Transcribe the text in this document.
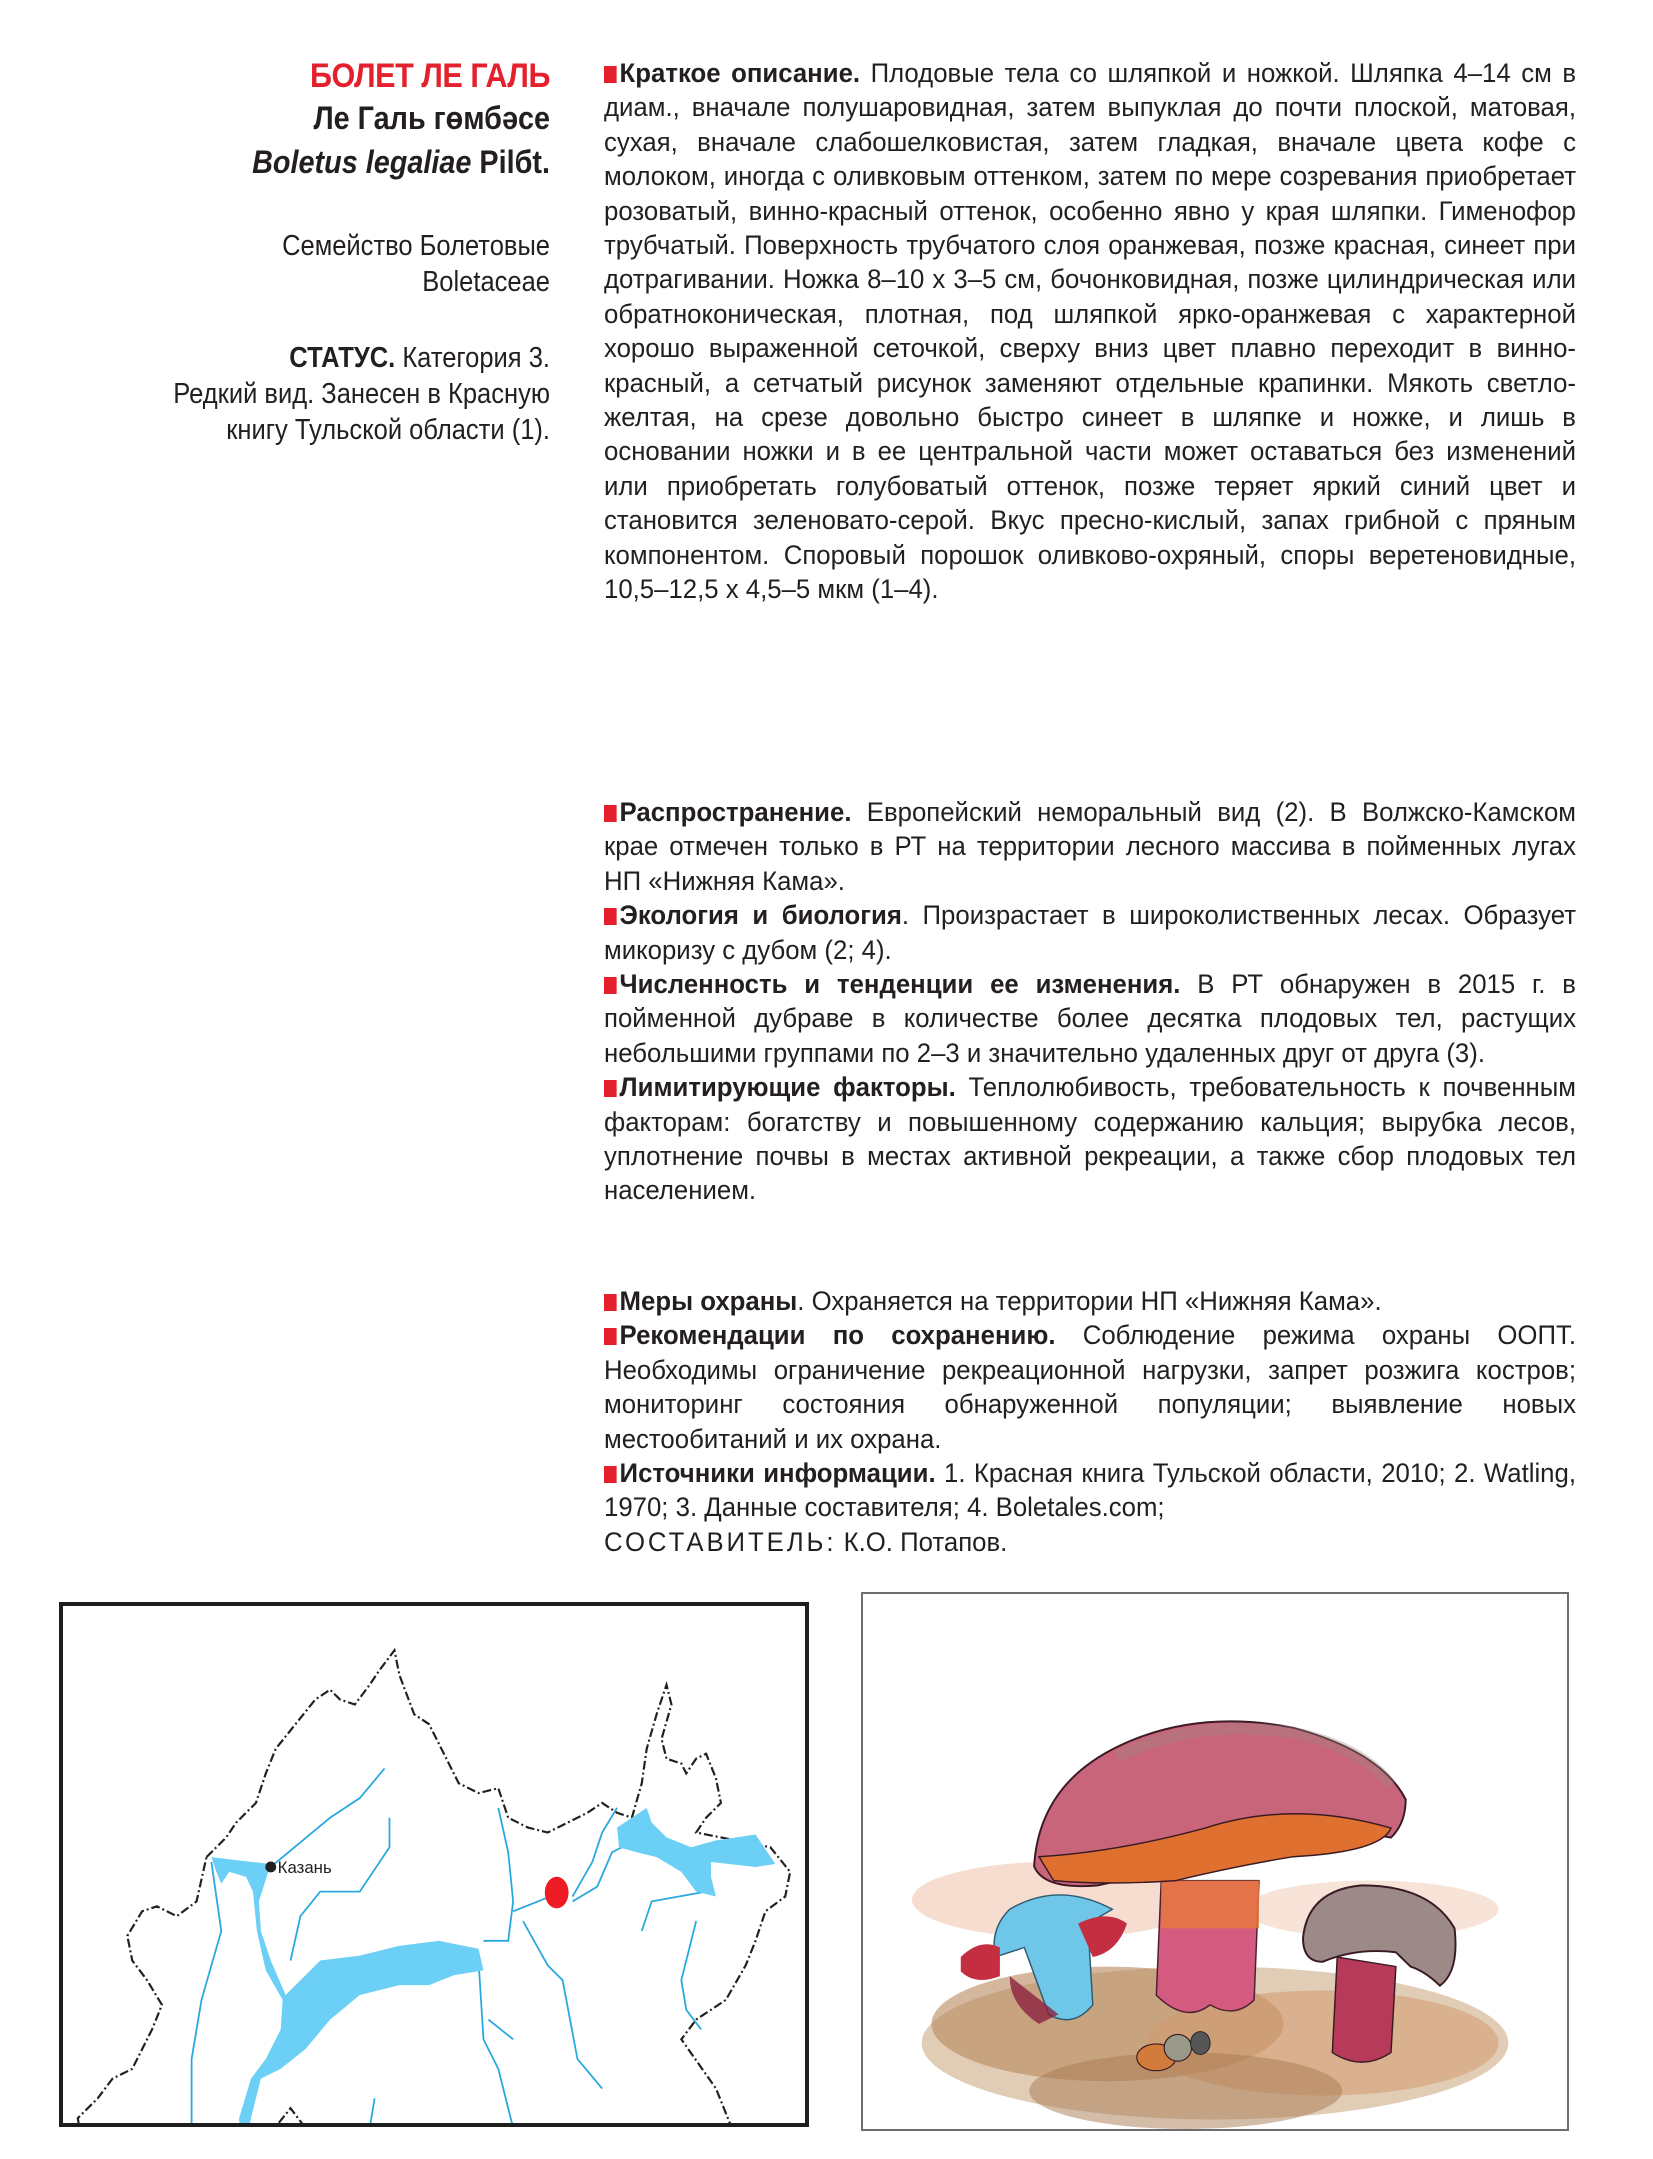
БОЛЕТ ЛЕ ГАЛЬ
Ле Галь гөмбәсе
Boletus legaliae Pilбt.
Семейство Болетовые
Boletaceae
СТАТУС. Категория 3.
Редкий вид. Занесен в Красную
книгу Тульской области (1).

Краткое описание. Плодовые тела со шляпкой и ножкой. Шляпка 4–14 см в диам., вначале полушаровидная, затем выпуклая до почти плоской, матовая, сухая, вначале слабошелковистая, затем гладкая, вначале цвета кофе с молоком, иногда с оливковым оттенком, затем по мере созревания приобретает розоватый, винно-красный оттенок, особенно явно у края шляпки. Гименофор трубчатый. Поверхность трубчатого слоя оранжевая, позже красная, синеет при дотрагивании. Ножка 8–10 х 3–5 см, бочонковидная, позже цилиндрическая или обратноконическая, плотная, под шляпкой ярко-оранжевая с характерной хорошо выраженной сеточкой, сверху вниз цвет плавно переходит в винно-красный, а сетчатый рисунок заменяют отдельные крапинки. Мякоть светло-желтая, на срезе довольно быстро синеет в шляпке и ножке, и лишь в основании ножки и в ее центральной части может оставаться без изменений или приобретать голубоватый оттенок, позже теряет яркий синий цвет и становится зеленовато-серой. Вкус пресно-кислый, запах грибной с пряным компонентом. Споровый порошок оливково-охряный, споры веретеновидные, 10,5–12,5 х 4,5–5 мкм (1–4).

Распространение. Европейский неморальный вид (2). В Волжско-Камском крае отмечен только в РТ на территории лесного массива в пойменных лугах НП «Нижняя Кама».

Экология и биология. Произрастает в широколиственных лесах. Образует микоризу с дубом (2; 4).

Численность и тенденции ее изменения. В РТ обнаружен в 2015 г. в пойменной дубраве в количестве более десятка плодовых тел, растущих небольшими группами по 2–3 и значительно удаленных друг от друга (3).

Лимитирующие факторы. Теплолюбивость, требовательность к почвенным факторам: богатству и повышенному содержанию кальция; вырубка лесов, уплотнение почвы в местах активной рекреации, а также сбор плодовых тел населением.

Меры охраны. Охраняется на территории НП «Нижняя Кама».

Рекомендации по сохранению. Соблюдение режима охраны ООПТ. Необходимы ограничение рекреационной нагрузки, запрет розжига костров; мониторинг состояния обнаруженной популяции; выявление новых местообитаний и их охрана.

Источники информации. 1. Красная книга Тульской области, 2010; 2. Watling, 1970; 3. Данные составителя; 4. Boletales.com;

СОСТАВИТЕЛЬ: К.О. Потапов.

Казань
